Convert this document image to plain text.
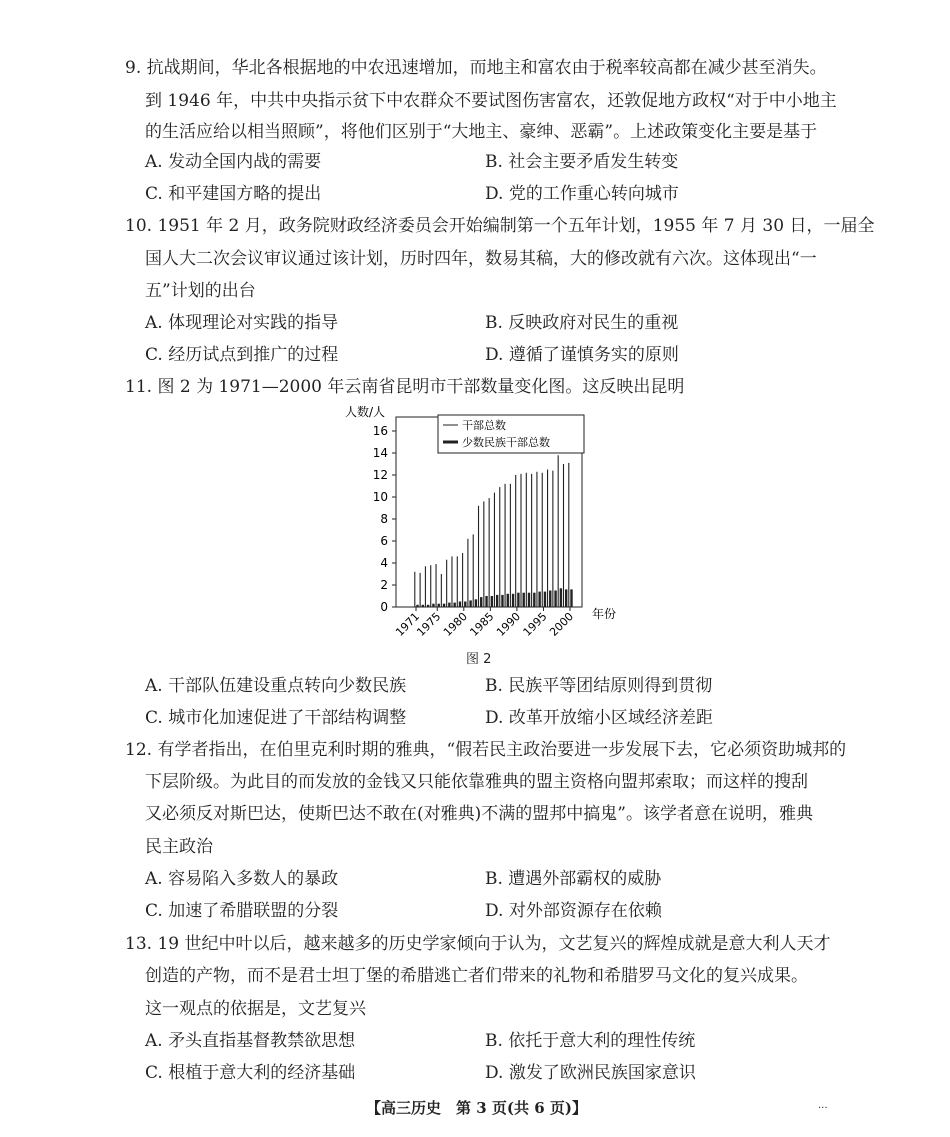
9. 抗战期间，华北各根据地的中农迅速增加，而地主和富农由于税率较高都在减少甚至消失。
到 1946 年，中共中央指示贫下中农群众不要试图伤害富农，还敦促地方政权“对于中小地主
的生活应给以相当照顾”，将他们区别于“大地主、豪绅、恶霸”。上述政策变化主要是基于
A. 发动全国内战的需要	B. 社会主要矛盾发生转变
C. 和平建国方略的提出	D. 党的工作重心转向城市
10. 1951 年 2 月，政务院财政经济委员会开始编制第一个五年计划，1955 年 7 月 30 日，一届全
国人大二次会议审议通过该计划，历时四年，数易其稿，大的修改就有六次。这体现出“一
五”计划的出台
A. 体现理论对实践的指导	B. 反映政府对民生的重视
C. 经历试点到推广的过程	D. 遵循了谨慎务实的原则
11. 图 2 为 1971—2000 年云南省昆明市干部数量变化图。这反映出昆明
人数/人
年份
0
2
4
6
8
10
12
14
16
1971
1975
1980
1985
1990
1995
2000
干部总数
少数民族干部总数
图 2
A. 干部队伍建设重点转向少数民族	B. 民族平等团结原则得到贯彻
C. 城市化加速促进了干部结构调整	D. 改革开放缩小区域经济差距
12. 有学者指出，在伯里克利时期的雅典，“假若民主政治要进一步发展下去，它必须资助城邦的
下层阶级。为此目的而发放的金钱又只能依靠雅典的盟主资格向盟邦索取；而这样的搜刮
又必须反对斯巴达，使斯巴达不敢在(对雅典)不满的盟邦中搞鬼”。该学者意在说明，雅典
民主政治
A. 容易陷入多数人的暴政	B. 遭遇外部霸权的威胁
C. 加速了希腊联盟的分裂	D. 对外部资源存在依赖
13. 19 世纪中叶以后，越来越多的历史学家倾向于认为，文艺复兴的辉煌成就是意大利人天才
创造的产物，而不是君士坦丁堡的希腊逃亡者们带来的礼物和希腊罗马文化的复兴成果。
这一观点的依据是，文艺复兴
A. 矛头直指基督教禁欲思想	B. 依托于意大利的理性传统
C. 根植于意大利的经济基础	D. 激发了欧洲民族国家意识
【高三历史　第 3 页(共 6 页)】	...
